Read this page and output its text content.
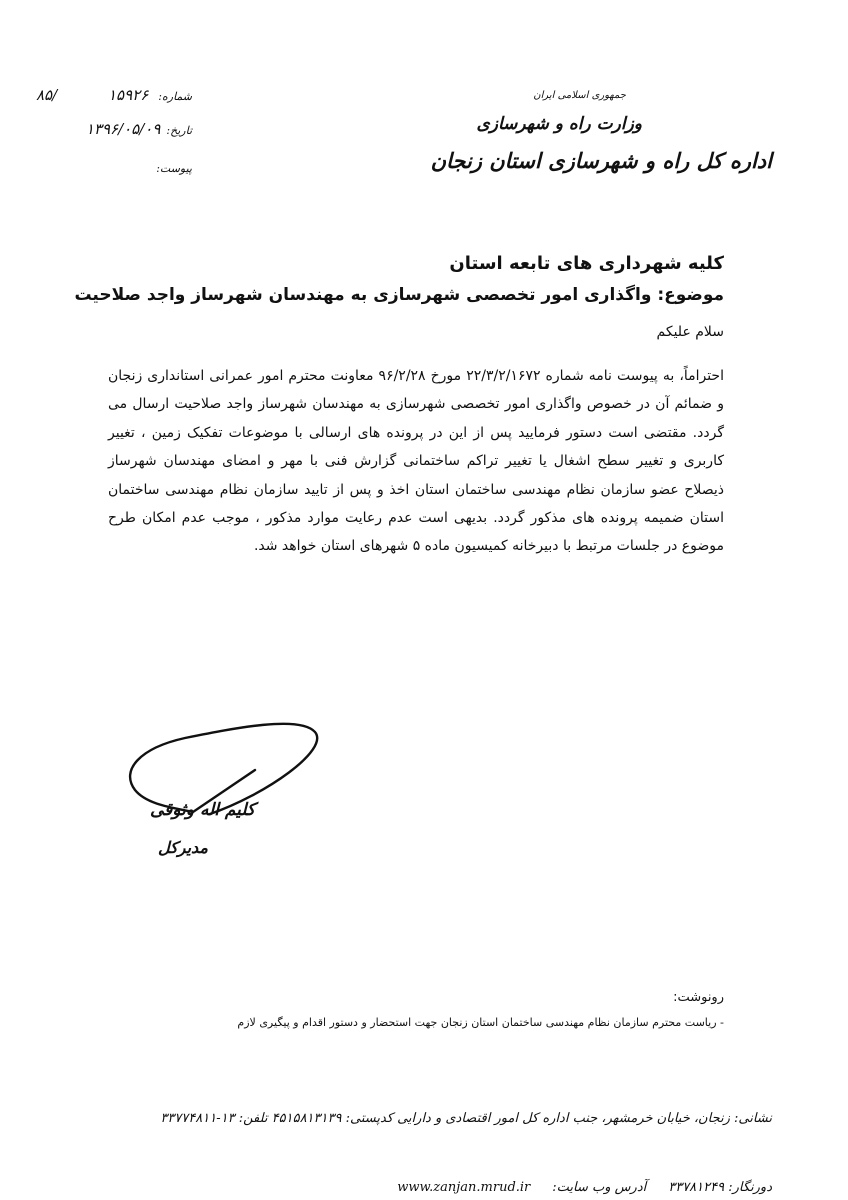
جمهوری اسلامی ایران
وزارت راه و شهرسازی
اداره کل راه و شهرسازی استان زنجان
۸۵/	شماره:
۱۵۹۲۶
تاریخ:
۱۳۹۶/۰۵/۰۹
پیوست:
کلیه شهرداری های تابعه استان
موضوع: واگذاری امور تخصصی شهرسازی به مهندسان شهرساز واجد صلاحیت
سلام علیکم
احتراماً، به پیوست نامه شماره ۲۲/۳/۲/۱۶۷۲ مورخ ۹۶/۲/۲۸ معاونت محترم امور عمرانی استانداری زنجان و ضمائم آن در خصوص واگذاری امور تخصصی شهرسازی به مهندسان شهرساز واجد صلاحیت ارسال می گردد. مقتضی است دستور فرمایید پس از این در پرونده های ارسالی با موضوعات تفکیک زمین ، تغییر کاربری و تغییر سطح اشغال یا تغییر تراکم ساختمانی گزارش فنی با مهر و امضای مهندسان شهرساز ذیصلاح عضو سازمان نظام مهندسی ساختمان استان اخذ و پس از تایید سازمان نظام مهندسی ساختمان استان ضمیمه پرونده های مذکور گردد. بدیهی است عدم رعایت موارد مذکور ، موجب عدم امکان طرح موضوع در جلسات مرتبط با دبیرخانه کمیسیون ماده ۵ شهرهای استان خواهد شد.
کلیم اله وثوقی
مدیرکل
رونوشت:
- ریاست محترم سازمان نظام مهندسی ساختمان استان زنجان جهت استحضار و دستور اقدام و پیگیری لازم
نشانی: زنجان، خیابان خرمشهر، جنب اداره کل امور اقتصادی و دارایی کدپستی: ۴۵۱۵۸۱۳۱۳۹ تلفن: ۱۳-۳۳۷۷۴۸۱۱
دورنگار: ۳۳۷۸۱۲۴۹
آدرس وب سایت:
www.zanjan.mrud.ir
